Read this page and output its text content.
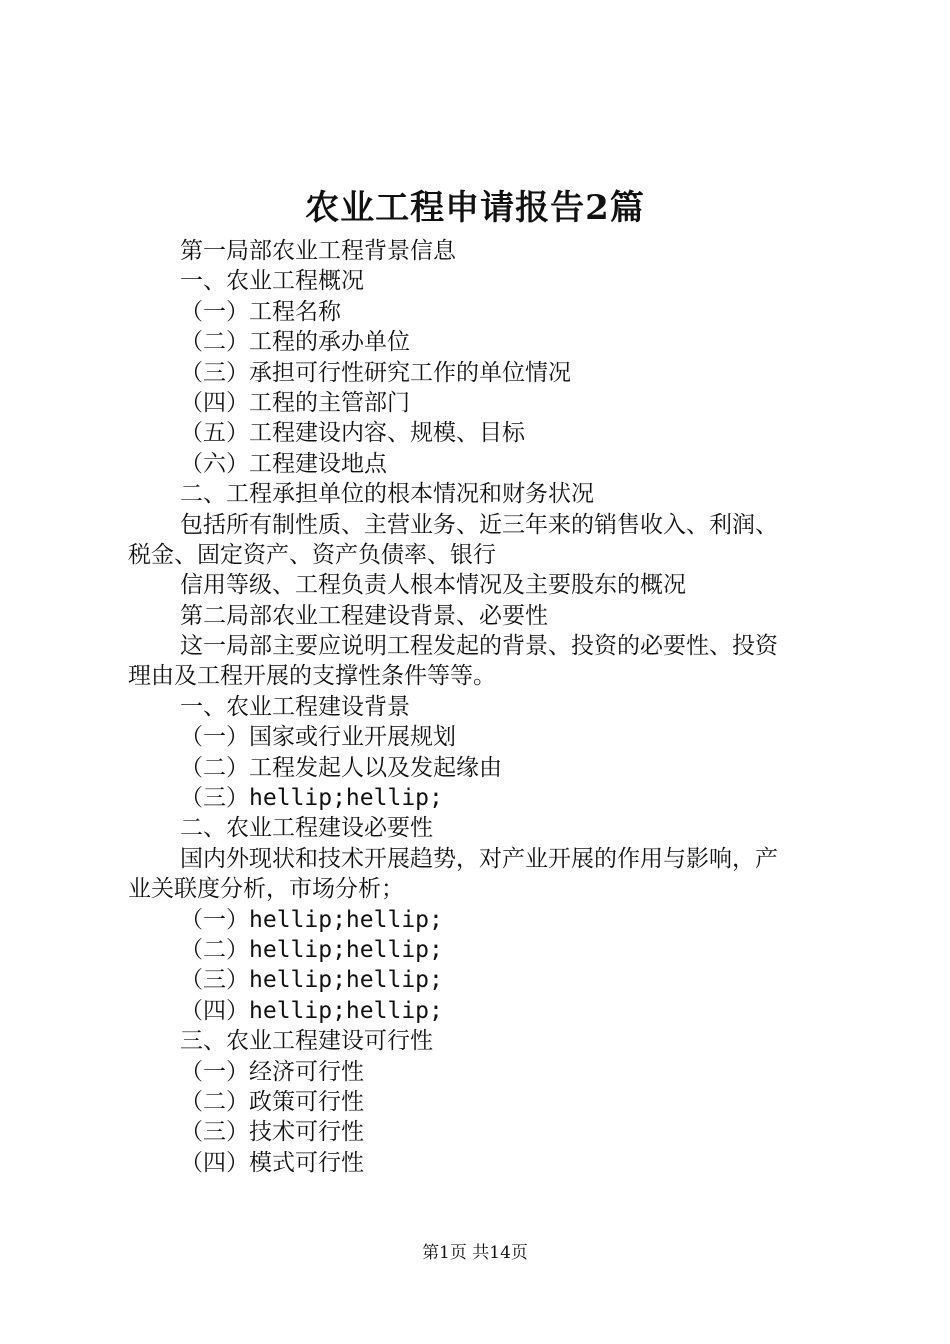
农业工程申请报告2篇
第一局部农业工程背景信息
一、农业工程概况
（一）工程名称
（二）工程的承办单位
（三）承担可行性研究工作的单位情况
（四）工程的主管部门
（五）工程建设内容、规模、目标
（六）工程建设地点
二、工程承担单位的根本情况和财务状况
包括所有制性质、主营业务、近三年来的销售收入、利润、
税金、固定资产、资产负债率、银行
信用等级、工程负责人根本情况及主要股东的概况
第二局部农业工程建设背景、必要性
这一局部主要应说明工程发起的背景、投资的必要性、投资
理由及工程开展的支撑性条件等等。
一、农业工程建设背景
（一）国家或行业开展规划
（二）工程发起人以及发起缘由
（三）hellip;hellip;
二、农业工程建设必要性
国内外现状和技术开展趋势，对产业开展的作用与影响，产
业关联度分析，市场分析；
（一）hellip;hellip;
（二）hellip;hellip;
（三）hellip;hellip;
（四）hellip;hellip;
三、农业工程建设可行性
（一）经济可行性
（二）政策可行性
（三）技术可行性
（四）模式可行性
第1页 共14页
